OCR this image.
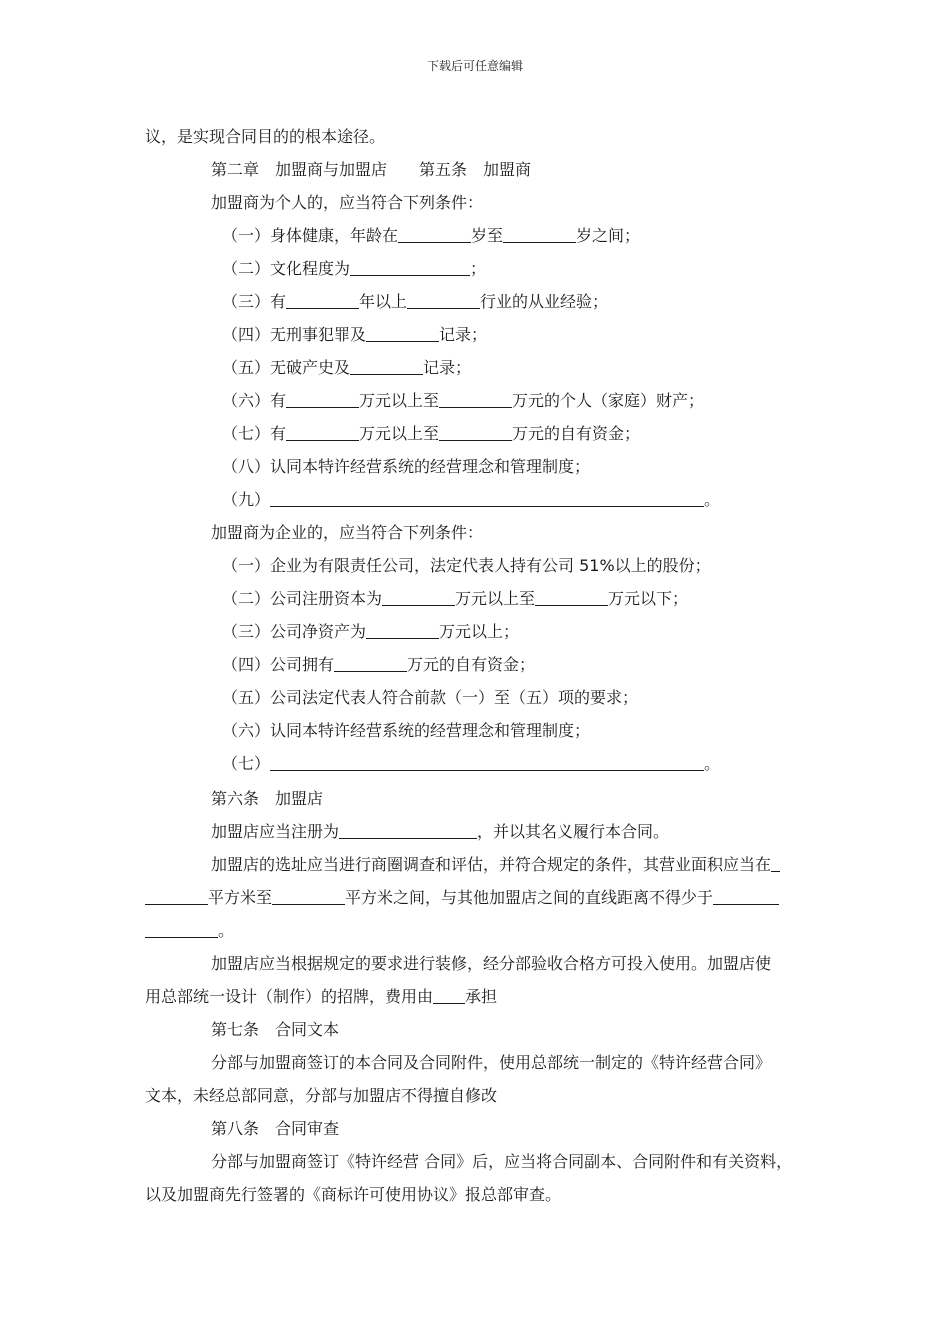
下载后可任意编辑
议，是实现合同目的的根本途径。
第二章　加盟商与加盟店　　第五条　加盟商
加盟商为个人的，应当符合下列条件：
（一）身体健康，年龄在	岁至	岁之间；
（二）文化程度为	；
（三）有	年以上	行业的从业经验；
（四）无刑事犯罪及	记录；
（五）无破产史及	记录；
（六）有	万元以上至	万元的个人（家庭）财产；
（七）有	万元以上至	万元的自有资金；
（八）认同本特许经营系统的经营理念和管理制度；
（九）	。
加盟商为企业的，应当符合下列条件：
（一）企业为有限责任公司，法定代表人持有公司 51%以上的股份；
（二）公司注册资本为	万元以上至	万元以下；
（三）公司净资产为	万元以上；
（四）公司拥有	万元的自有资金；
（五）公司法定代表人符合前款（一）至（五）项的要求；
（六）认同本特许经营系统的经营理念和管理制度；
（七）	。
第六条　加盟店
加盟店应当注册为	，并以其名义履行本合同。
加盟店的选址应当进行商圈调查和评估，并符合规定的条件，其营业面积应当在
平方米至	平方米之间，与其他加盟店之间的直线距离不得少于
。
加盟店应当根据规定的要求进行装修，经分部验收合格方可投入使用。加盟店使
用总部统一设计（制作）的招牌，费用由 承担
第七条　合同文本
分部与加盟商签订的本合同及合同附件，使用总部统一制定的《特许经营合同》
文本，未经总部同意，分部与加盟店不得擅自修改
第八条　合同审查
分部与加盟商签订《特许经营 合同》后，应当将合同副本、合同附件和有关资料，
以及加盟商先行签署的《商标许可使用协议》报总部审查。
